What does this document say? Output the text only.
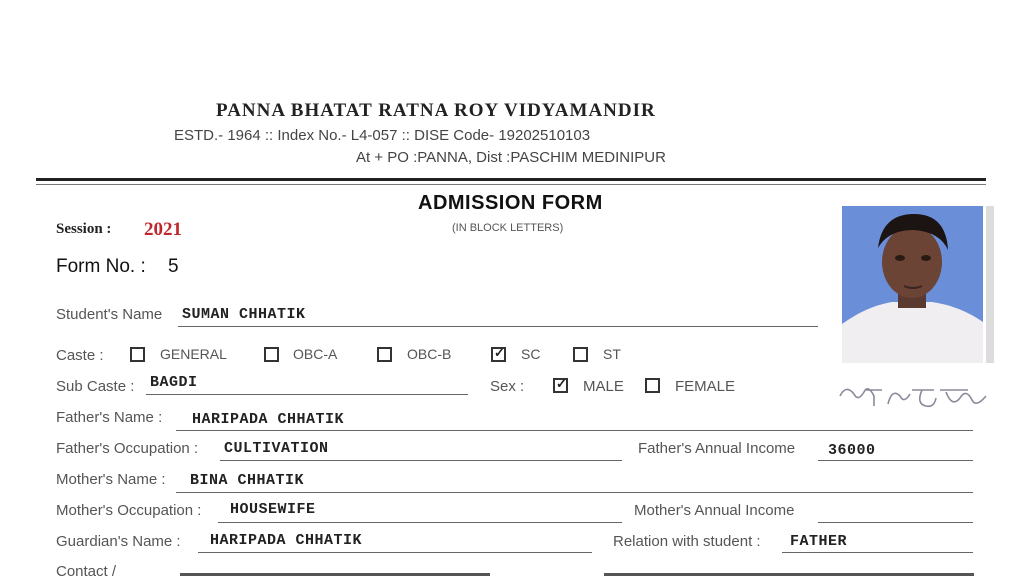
PANNA BHATAT RATNA ROY VIDYAMANDIR
ESTD.- 1964 :: Index No.- L4-057 :: DISE Code- 19202510103
At + PO :PANNA, Dist :PASCHIM MEDINIPUR
ADMISSION FORM
(IN BLOCK LETTERS)
Session : 2021
Form No. : 5
Student's Name SUMAN CHHATIK
Caste :	GENERAL	OBC-A	OBC-B	✓ SC	ST
Sub Caste : BAGDI	Sex : ✓ MALE	FEMALE
Father's Name : HARIPADA CHHATIK
Father's Occupation : CULTIVATION	Father's Annual Income 36000
Mother's Name : BINA CHHATIK
Mother's Occupation : HOUSEWIFE	Mother's Annual Income
Guardian's Name : HARIPADA CHHATIK	Relation with student : FATHER
Contact /
